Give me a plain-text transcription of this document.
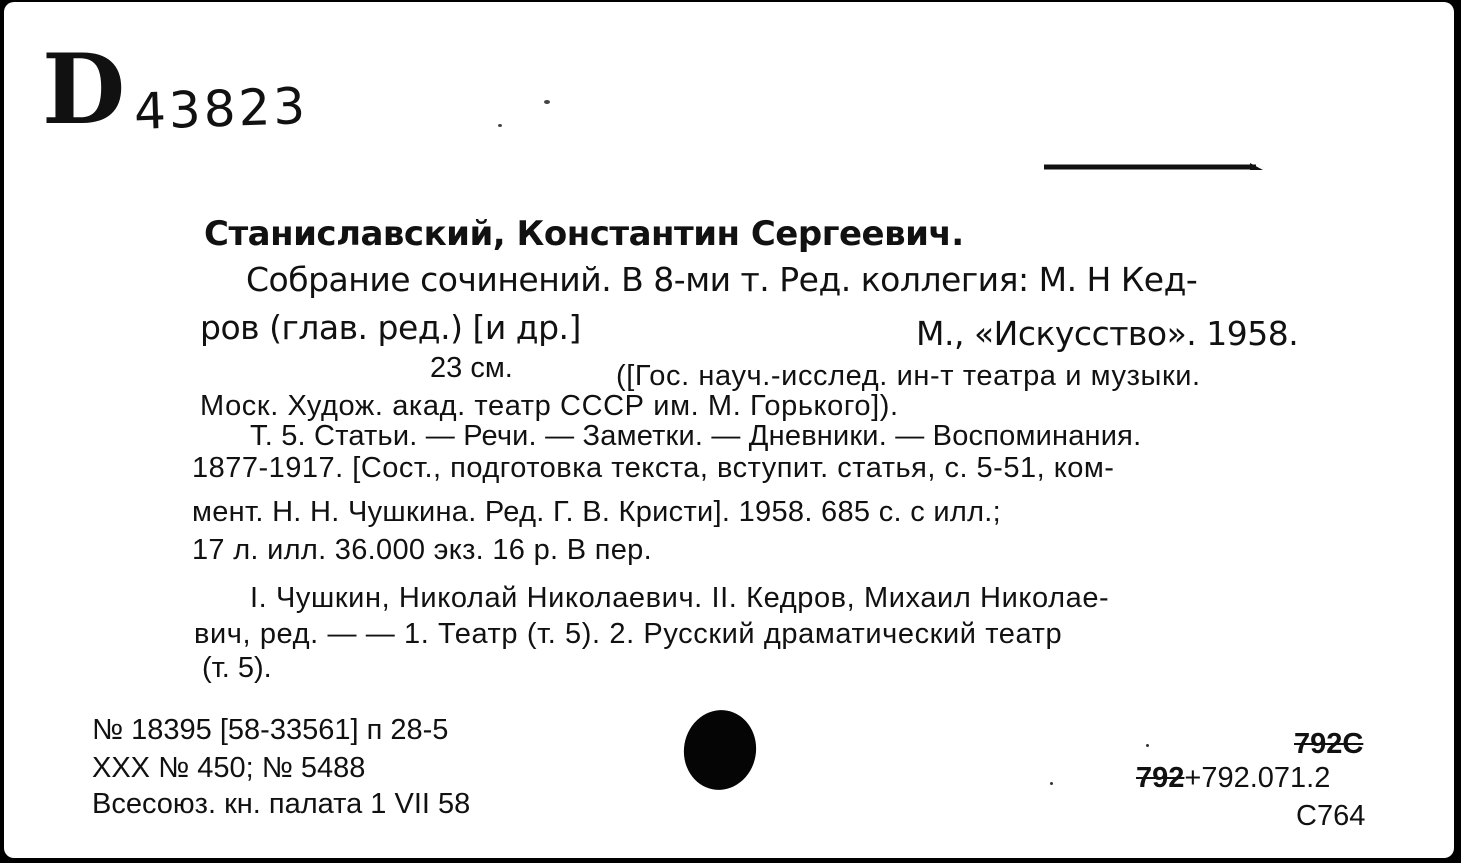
D 43823
Станиславский, Константин Сергеевич.
Собрание сочинений. В 8-ми т. Ред. коллегия: М. Н Кед-
ров (глав. ред.) [и др.]	М., «Искусство». 1958.
23 см.	([Гос. науч.-исслед. ин-т театра и музыки.
Моск. Худож. акад. театр СССР им. М. Горького]).
Т. 5. Статьи. — Речи. — Заметки. — Дневники. — Воспоминания.
1877-1917. [Сост., подготовка текста, вступит. статья, с. 5-51, ком-
мент. Н. Н. Чушкина. Ред. Г. В. Кристи]. 1958. 685 с. с илл.;
17 л. илл. 36.000 экз. 16 р. В пер.
I. Чушкин, Николай Николаевич. II. Кедров, Михаил Николае-
вич, ред. — — 1. Театр (т. 5). 2. Русский драматический театр
(т. 5).
№ 18395 [58-33561] п 28-5
XXX № 450; № 5488
Всесоюз. кн. палата 1 VII 58
792C
792+792.071.2
С764
